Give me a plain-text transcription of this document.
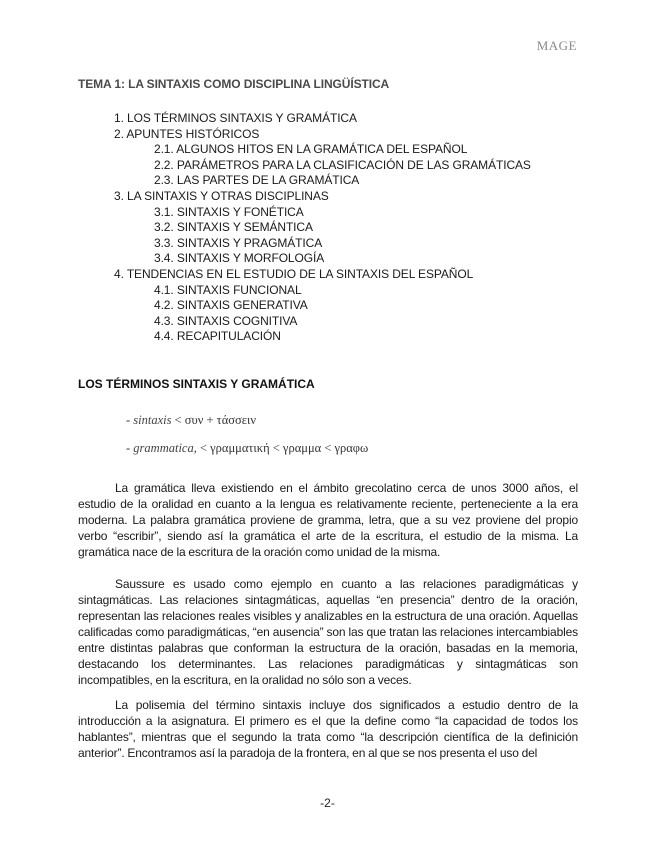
MAGE
TEMA 1: LA SINTAXIS COMO DISCIPLINA LINGÜÍSTICA
1. LOS TÉRMINOS SINTAXIS Y GRAMÁTICA
2. APUNTES HISTÓRICOS
2.1. ALGUNOS HITOS EN LA GRAMÁTICA DEL ESPAÑOL
2.2. PARÁMETROS PARA LA CLASIFICACIÓN DE LAS GRAMÁTICAS
2.3. LAS PARTES DE LA GRAMÁTICA
3. LA SINTAXIS Y OTRAS DISCIPLINAS
3.1. SINTAXIS Y FONÉTICA
3.2. SINTAXIS Y SEMÁNTICA
3.3. SINTAXIS Y PRAGMÁTICA
3.4. SINTAXIS Y MORFOLOGÍA
4. TENDENCIAS EN EL ESTUDIO DE LA SINTAXIS DEL ESPAÑOL
4.1. SINTAXIS FUNCIONAL
4.2. SINTAXIS GENERATIVA
4.3. SINTAXIS COGNITIVA
4.4. RECAPITULACIÓN
LOS TÉRMINOS SINTAXIS Y GRAMÁTICA
- sintaxis < συν + τάσσειν
- grammatica, < γραμματική < γραμμα < γραφω

La gramática lleva existiendo en el ámbito grecolatino cerca de unos 3000 años, el estudio de la oralidad en cuanto a la lengua es relativamente reciente, perteneciente a la era moderna. La palabra gramática proviene de gramma, letra, que a su vez proviene del propio verbo “escribir”, siendo así la gramática el arte de la escritura, el estudio de la misma. La gramática nace de la escritura de la oración como unidad de la misma.

Saussure es usado como ejemplo en cuanto a las relaciones paradigmáticas y sintagmáticas. Las relaciones sintagmáticas, aquellas “en presencia” dentro de la oración, representan las relaciones reales visibles y analizables en la estructura de una oración. Aquellas calificadas como paradigmáticas, “en ausencia” son las que tratan las relaciones intercambiables entre distintas palabras que conforman la estructura de la oración, basadas en la memoria, destacando los determinantes. Las relaciones paradigmáticas y sintagmáticas son incompatibles, en la escritura, en la oralidad no sólo son a veces.

La polisemia del término sintaxis incluye dos significados a estudio dentro de la introducción a la asignatura. El primero es el que la define como “la capacidad de todos los hablantes”, mientras que el segundo la trata como “la descripción científica de la definición anterior”. Encontramos así la paradoja de la frontera, en al que se nos presenta el uso del

-2-
